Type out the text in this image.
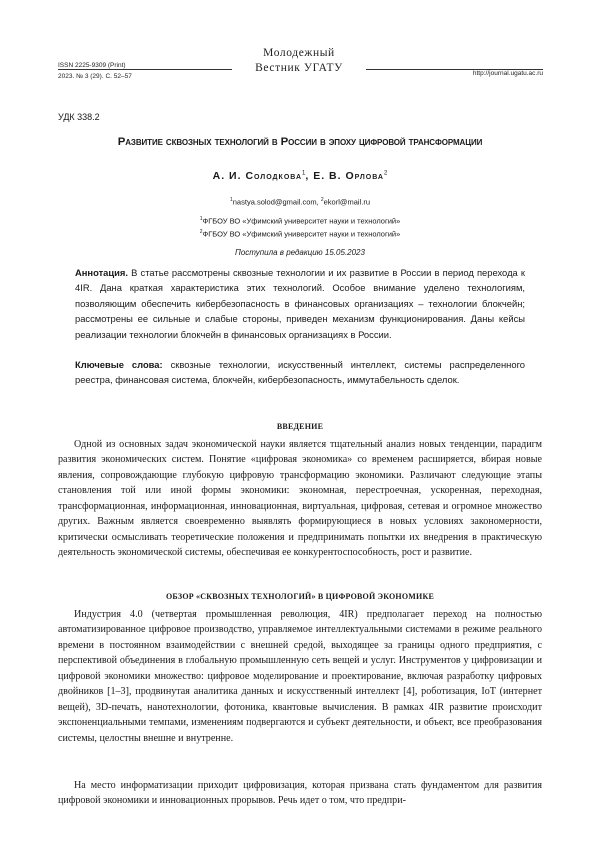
ISSN 2225-9309 (Print)
2023. № 3 (29). С. 52–57
Молодежный
Вестник УГАТУ	http://journal.ugatu.ac.ru
УДК 338.2
Развитие сквозных технологий в России в эпоху цифровой трансформации
А. И. Солодкова$^1$, Е. В. Орлова$^2$
$^1$nastya.solod@gmail.com, $^2$ekorl@mail.ru
$^1$ФГБОУ ВО «Уфимский университет науки и технологий»
$^2$ФГБОУ ВО «Уфимский университет науки и технологий»
Поступила в редакцию 15.05.2023
Аннотация. В статье рассмотрены сквозные технологии и их развитие в России в период перехода к 4IR. Дана краткая характеристика этих технологий. Особое внимание уделено технологиям, позволяющим обеспечить кибербезопасность в финансовых организациях – технологии блокчейн; рассмотрены ее сильные и слабые стороны, приведен механизм функционирования. Даны кейсы реализации технологии блокчейн в финансовых организациях в России.
Ключевые слова: сквозные технологии, искусственный интеллект, системы распределенного реестра, финансовая система, блокчейн, кибербезопасность, иммутабельность сделок.
ВВЕДЕНИЕ
Одной из основных задач экономической науки является тщательный анализ новых тенденции, парадигм развития экономических систем. Понятие «цифровая экономика» со временем расширяется, вбирая новые явления, сопровождающие глубокую цифровую трансформацию экономики. Различают следующие этапы становления той или иной формы экономики: экономная, перестроечная, ускоренная, переходная, трансформационная, информационная, инновационная, виртуальная, цифровая, сетевая и огромное множество других. Важным является своевременно выявлять формирующиеся в новых условиях закономерности, критически осмысливать теоретические положения и предпринимать попытки их внедрения в практическую деятельность экономической системы, обеспечивая ее конкурентоспособность, рост и развитие.
ОБЗОР «СКВОЗНЫХ ТЕХНОЛОГИЙ» В ЦИФРОВОЙ ЭКОНОМИКЕ
Индустрия 4.0 (четвертая промышленная революция, 4IR) предполагает переход на полностью автоматизированное цифровое производство, управляемое интеллектуальными системами в режиме реального времени в постоянном взаимодействии с внешней средой, выходящее за границы одного предприятия, с перспективой объединения в глобальную промышленную сеть вещей и услуг. Инструментов у цифровизации и цифровой экономики множество: цифровое моделирование и проектирование, включая разработку цифровых двойников [1–3], продвинутая аналитика данных и искусственный интеллект [4], роботизация, IoT (интернет вещей), 3D-печать, нанотехнологии, фотоника, квантовые вычисления. В рамках 4IR развитие происходит экспоненциальными темпами, изменениям подвергаются и субъект деятельности, и объект, все преобразования системы, целостны внешне и внутренне.
На место информатизации приходит цифровизация, которая призвана стать фундаментом для развития цифровой экономики и инновационных прорывов. Речь идет о том, что предпри-
